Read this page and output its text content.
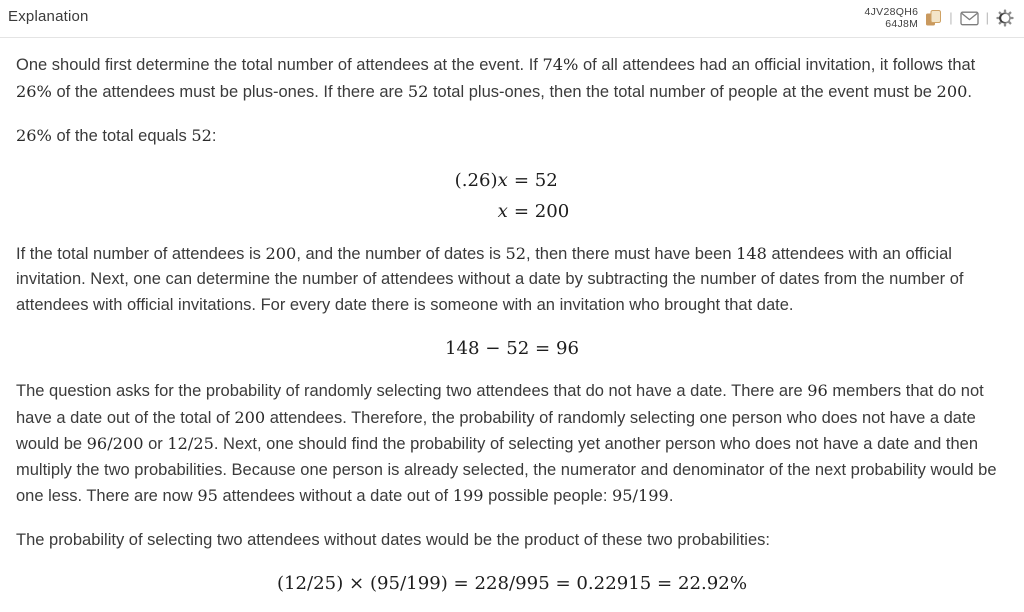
Explanation	4JV28QH6
64J8M |	|

One should first determine the total number of attendees at the event. If 74% of all attendees had an official invitation, it follows that 26% of the attendees must be plus-ones. If there are 52 total plus-ones, then the total number of people at the event must be 200.

26% of the total equals 52:

(.26)x = 52
x = 200

If the total number of attendees is 200, and the number of dates is 52, then there must have been 148 attendees with an official invitation. Next, one can determine the number of attendees without a date by subtracting the number of dates from the number of attendees with official invitations. For every date there is someone with an invitation who brought that date.

148 − 52 = 96

The question asks for the probability of randomly selecting two attendees that do not have a date. There are 96 members that do not have a date out of the total of 200 attendees. Therefore, the probability of randomly selecting one person who does not have a date would be 96/200 or 12/25. Next, one should find the probability of selecting yet another person who does not have a date and then multiply the two probabilities. Because one person is already selected, the numerator and denominator of the next probability would be one less. There are now 95 attendees without a date out of 199 possible people: 95/199.

The probability of selecting two attendees without dates would be the product of these two probabilities:

(12/25) × (95/199) = 228/995 = 0.22915 = 22.92%
